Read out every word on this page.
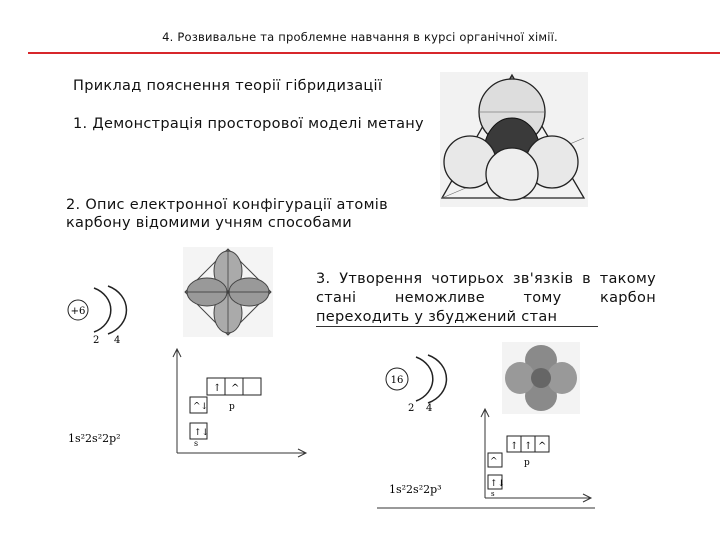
4. Розвивальне та проблемне навчання в курсі органічної хімії.
Приклад пояснення теорії гібридизації
1. Демонстрація просторової моделі метану
2. Опис електронної конфігурації атомів
карбону відомими учням способами
3. Утворення чотирьох зв'язків в такому
стані неможливе тому карбон
переходить у збуджений стан
+6
2 4
↑ ^
p
^↓
↑↓
s
1s²2s²2p²
16
2 4
↑ ↑ ^
p
^
↑↓
s
1s²2s²2p³
